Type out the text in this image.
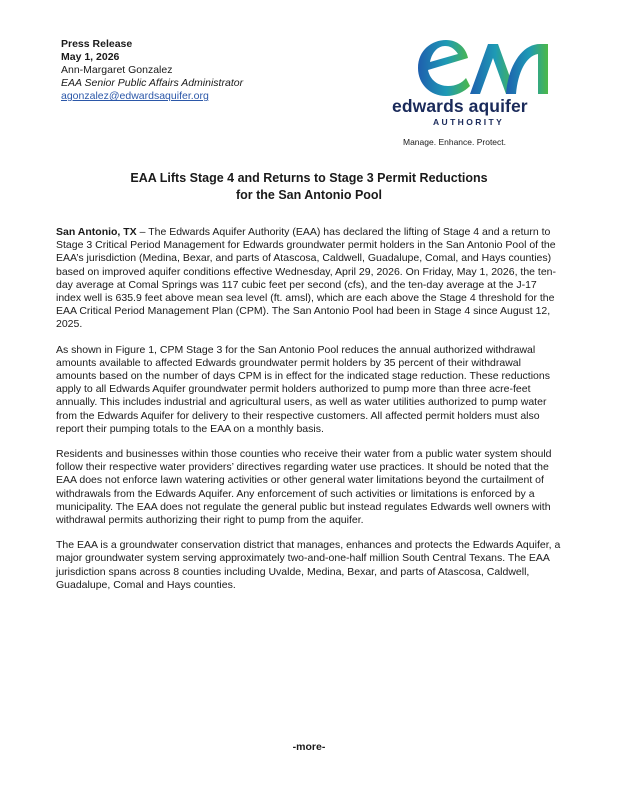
Press Release
May 1, 2026
Ann-Margaret Gonzalez
EAA Senior Public Affairs Administrator
agonzalez@edwardsaquifer.org	edwards aquifer
AUTHORITY
Manage. Enhance. Protect.
EAA Lifts Stage 4 and Returns to Stage 3 Permit Reductions
for the San Antonio Pool

San Antonio, TX – The Edwards Aquifer Authority (EAA) has declared the lifting of Stage 4 and a return to Stage 3 Critical Period Management for Edwards groundwater permit holders in the San Antonio Pool of the EAA’s jurisdiction (Medina, Bexar, and parts of Atascosa, Caldwell, Guadalupe, Comal, and Hays counties) based on improved aquifer conditions effective Wednesday, April 29, 2026. On Friday, May 1, 2026, the ten-day average at Comal Springs was 117 cubic feet per second (cfs), and the ten-day average at the J-17 index well is 635.9 feet above mean sea level (ft. amsl), which are each above the Stage 4 threshold for the EAA Critical Period Management Plan (CPM). The San Antonio Pool had been in Stage 4 since August 12, 2025.

As shown in Figure 1, CPM Stage 3 for the San Antonio Pool reduces the annual authorized withdrawal amounts available to affected Edwards groundwater permit holders by 35 percent of their withdrawal amounts based on the number of days CPM is in effect for the indicated stage reduction. These reductions apply to all Edwards Aquifer groundwater permit holders authorized to pump more than three acre-feet annually. This includes industrial and agricultural users, as well as water utilities authorized to pump water from the Edwards Aquifer for delivery to their respective customers. All affected permit holders must also report their pumping totals to the EAA on a monthly basis.

Residents and businesses within those counties who receive their water from a public water system should follow their respective water providers’ directives regarding water use practices. It should be noted that the EAA does not enforce lawn watering activities or other general water limitations beyond the curtailment of withdrawals from the Edwards Aquifer. Any enforcement of such activities or limitations is enforced by a municipality. The EAA does not regulate the general public but instead regulates Edwards well owners with withdrawal permits authorizing their right to pump from the aquifer.

The EAA is a groundwater conservation district that manages, enhances and protects the Edwards Aquifer, a major groundwater system serving approximately two-and-one-half million South Central Texans. The EAA jurisdiction spans across 8 counties including Uvalde, Medina, Bexar, and parts of Atascosa, Caldwell, Guadalupe, Comal and Hays counties.

-more-
